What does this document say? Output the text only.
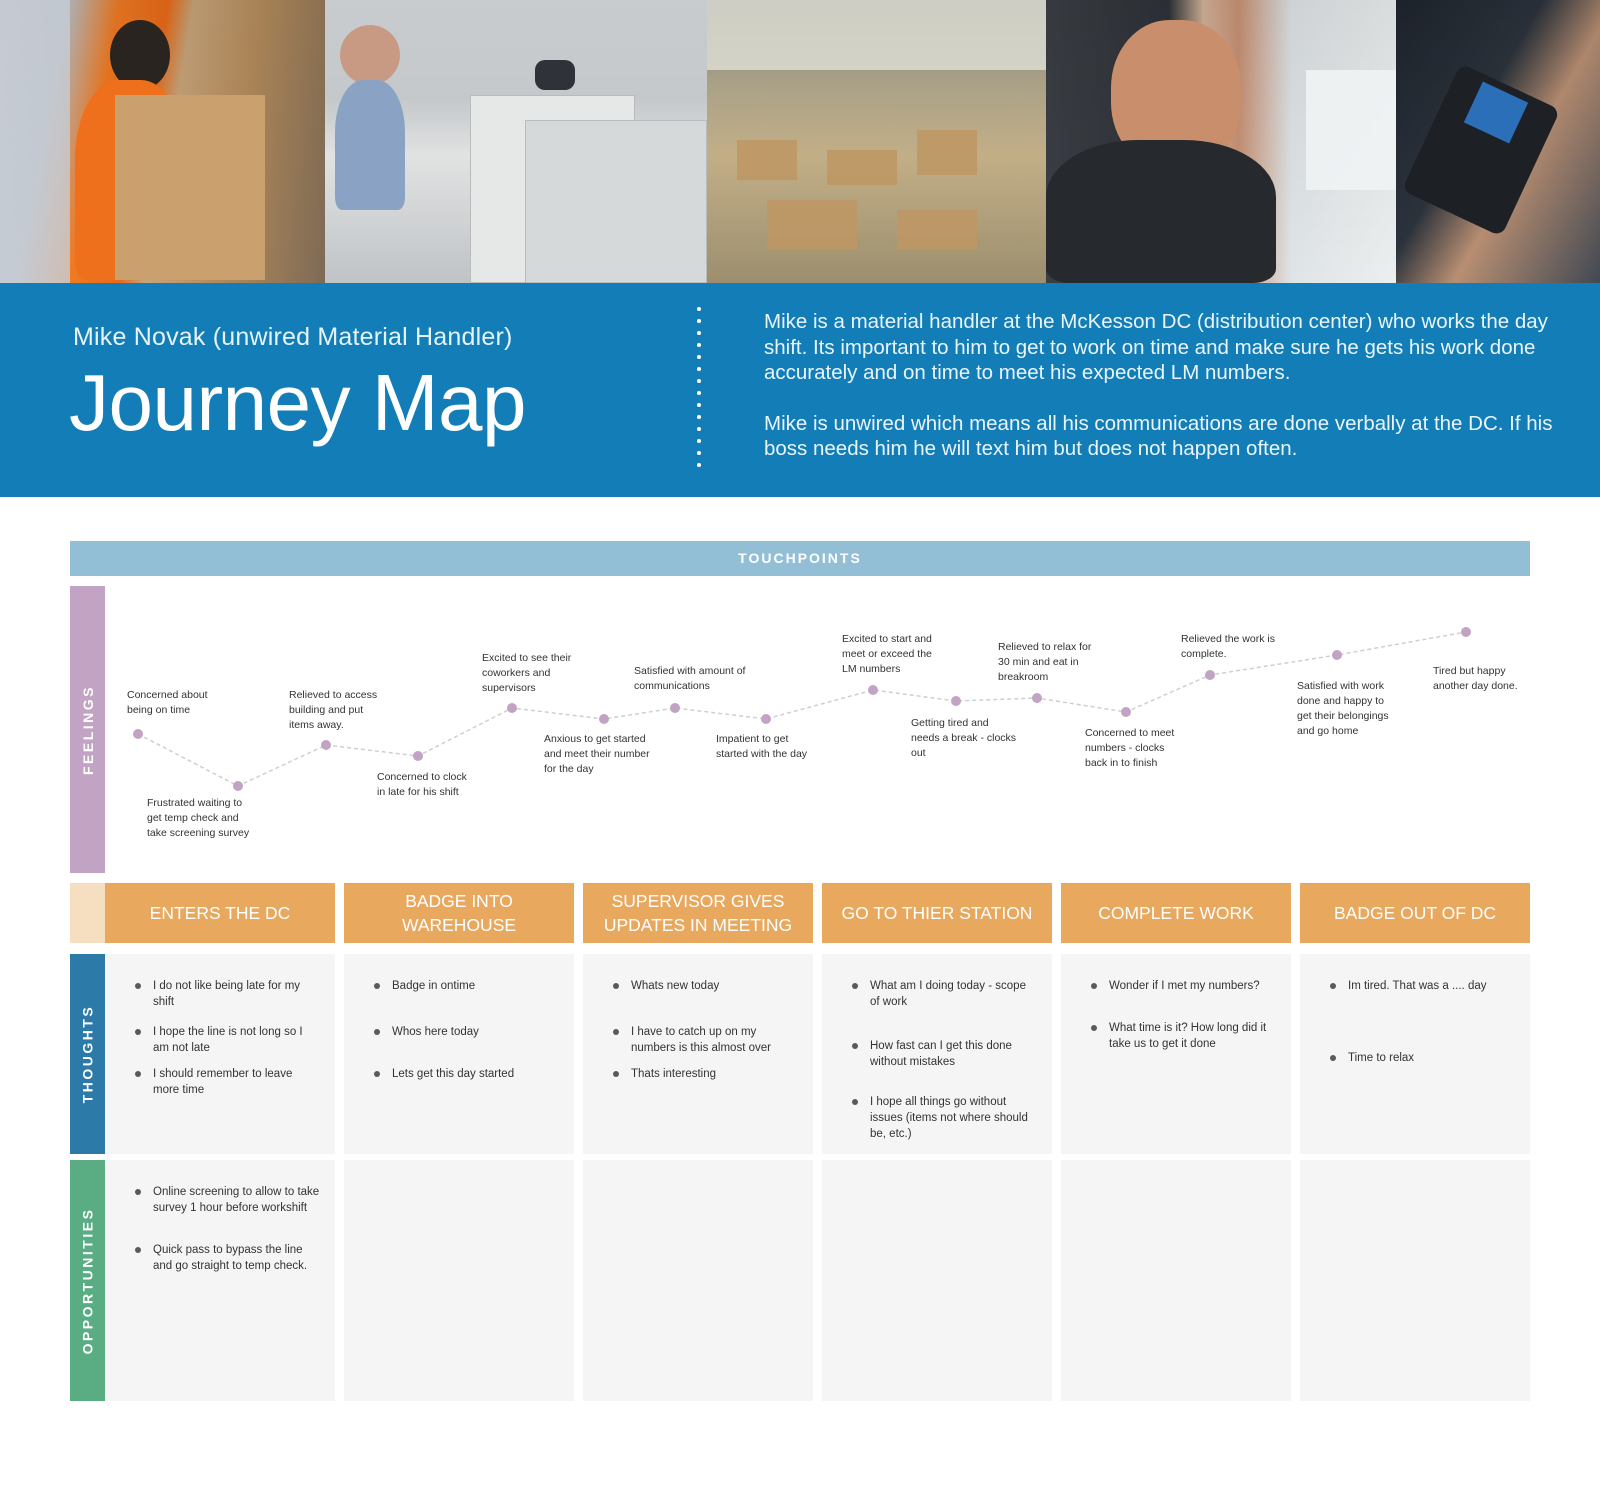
Mike Novak (unwired Material Handler)
Journey Map

Mike is a material handler at the McKesson DC (distribution center) who works the day shift. Its important to him to get to work on time and make sure he gets his work done accurately and on time to meet his expected LM numbers.

Mike is unwired which means all his communications are done verbally at the DC. If his boss needs him he will text him but does not happen often.

TOUCHPOINTS
FEELINGS
THOUGHTS
OPPORTUNITIES
Concerned about
being on time
Frustrated waiting to
get temp check and
take screening survey
Relieved to access
building and put
items away.
Concerned to clock
in late for his shift
Excited to see their
coworkers and
supervisors
Anxious to get started
and meet their number
for the day
Satisfied with amount of
communications
Impatient to get
started with the day
Excited to start and
meet or exceed the
LM numbers
Getting tired and
needs a break - clocks
out
Relieved to relax for
30 min and eat in
breakroom
Concerned to meet
numbers - clocks
back in to finish
Relieved the work is
complete.
Satisfied with work
done and happy to
get their belongings
and go home
Tired but happy
another day done.
ENTERS THE DC
I do not like being late for my shift
I hope the line is not long so I am not late
I should remember to leave more time
Online screening to allow to take survey 1 hour before workshift
Quick pass to bypass the line and go straight to temp check.
BADGE INTO WAREHOUSE
Badge in ontime
Whos here today
Lets get this day started
SUPERVISOR GIVES UPDATES IN MEETING
Whats new today
I have to catch up on my numbers is this almost over
Thats interesting
GO TO THIER STATION
What am I doing today - scope of work
How fast can I get this done without mistakes
I hope all things go without issues (items not where should be, etc.)
COMPLETE WORK
Wonder if I met my numbers?
What time is it? How long did it take us to get it done
BADGE OUT OF DC
Im tired. That was a .... day
Time to relax
